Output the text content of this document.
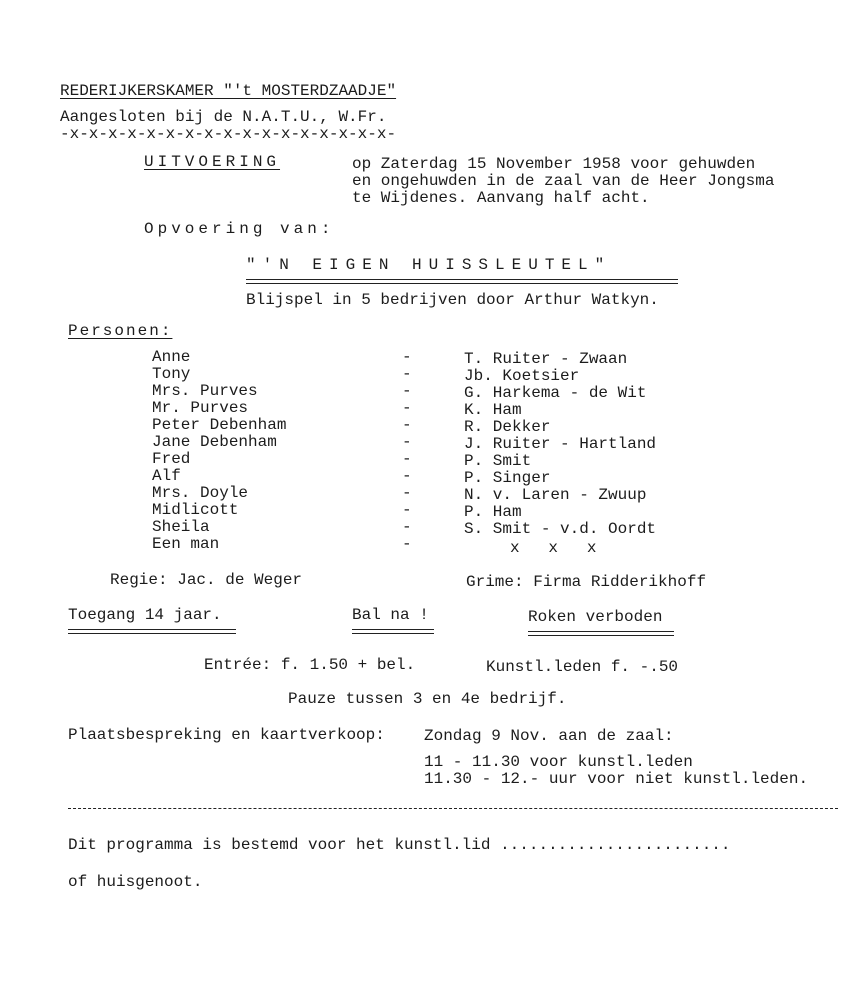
REDERIJKERSKAMER "'t MOSTERDZAADJE"
Aangesloten bij de N.A.T.U., W.Fr.
-x-x-x-x-x-x-x-x-x-x-x-x-x-x-x-x-x-
UITVOERING	op Zaterdag 15 November 1958 voor gehuwden
en ongehuwden in de zaal van de Heer Jongsma
te Wijdenes. Aanvang half acht.
Opvoering van:
"'N EIGEN HUISSLEUTEL"
Blijspel in 5 bedrijven door Arthur Watkyn.
Personen:
Anne	-	T. Ruiter - Zwaan
Tony	-	Jb. Koetsier
Mrs. Purves	-	G. Harkema - de Wit
Mr. Purves	-	K. Ham
Peter Debenham	-	R. Dekker
Jane Debenham	-	J. Ruiter - Hartland
Fred	-	P. Smit
Alf	-	P. Singer
Mrs. Doyle	-	N. v. Laren - Zwuup
Midlicott	-	P. Ham
Sheila	-	S. Smit - v.d. Oordt
Een man	-	x   x   x
Regie: Jac. de Weger	Grime: Firma Ridderikhoff
Toegang 14 jaar.	Bal na !	Roken verboden
Entrée: f. 1.50 + bel.	Kunstl.leden f. -.50
Pauze tussen 3 en 4e bedrijf.
Plaatsbespreking en kaartverkoop: Zondag 9 Nov. aan de zaal:
11 - 11.30 voor kunstl.leden
11.30 - 12.- uur voor niet kunstl.leden.
Dit programma is bestemd voor het kunstl.lid ........................
of huisgenoot.
